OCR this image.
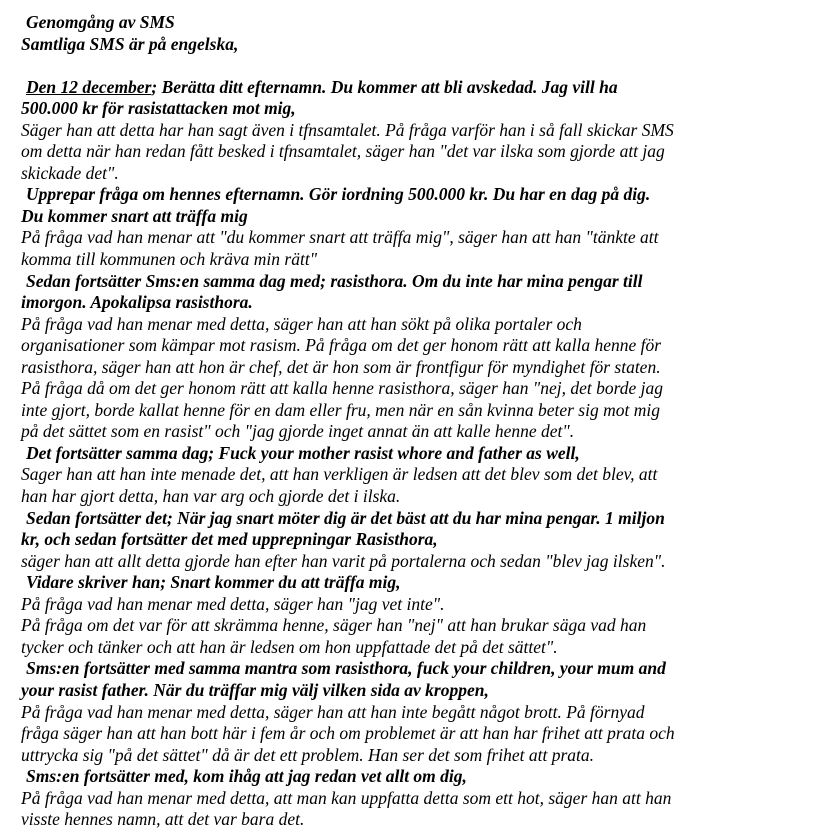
Genomgång av SMS
Samtliga SMS är på engelska,
Den 12 december; Berätta ditt efternamn. Du kommer att bli avskedad. Jag vill ha
500.000 kr för rasistattacken mot mig,
Säger han att detta har han sagt även i tfnsamtalet. På fråga varför han i så fall skickar SMS
om detta när han redan fått besked i tfnsamtalet, säger han "det var ilska som gjorde att jag
skickade det".
Upprepar fråga om hennes efternamn. Gör iordning 500.000 kr. Du har en dag på dig.
Du kommer snart att träffa mig
På fråga vad han menar att "du kommer snart att träffa mig", säger han att han "tänkte att
komma till kommunen och kräva min rätt"
Sedan fortsätter Sms:en samma dag med; rasisthora. Om du inte har mina pengar till
imorgon. Apokalipsa rasisthora.
På fråga vad han menar med detta, säger han att han sökt på olika portaler och
organisationer som kämpar mot rasism. På fråga om det ger honom rätt att kalla henne för
rasisthora, säger han att hon är chef, det är hon som är frontfigur för myndighet för staten.
På fråga då om det ger honom rätt att kalla henne rasisthora, säger han "nej, det borde jag
inte gjort, borde kallat henne för en dam eller fru, men när en sån kvinna beter sig mot mig
på det sättet som en rasist" och "jag gjorde inget annat än att kalle henne det".
Det fortsätter samma dag; Fuck your mother rasist whore and father as well,
Sager han att han inte menade det, att han verkligen är ledsen att det blev som det blev, att
han har gjort detta, han var arg och gjorde det i ilska.
Sedan fortsätter det; När jag snart möter dig är det bäst att du har mina pengar. 1 miljon
kr, och sedan fortsätter det med upprepningar Rasisthora,
säger han att allt detta gjorde han efter han varit på portalerna och sedan "blev jag ilsken".
Vidare skriver han; Snart kommer du att träffa mig,
På fråga vad han menar med detta, säger han "jag vet inte".
På fråga om det var för att skrämma henne, säger han "nej" att han brukar säga vad han
tycker och tänker och att han är ledsen om hon uppfattade det på det sättet".
Sms:en fortsätter med samma mantra som rasisthora, fuck your children, your mum and
your rasist father. När du träffar mig välj vilken sida av kroppen,
På fråga vad han menar med detta, säger han att han inte begått något brott. På förnyad
fråga säger han att han bott här i fem år och om problemet är att han har frihet att prata och
uttrycka sig "på det sättet" då är det ett problem. Han ser det som frihet att prata.
Sms:en fortsätter med, kom ihåg att jag redan vet allt om dig,
På fråga vad han menar med detta, att man kan uppfatta detta som ett hot, säger han att han
visste hennes namn, att det var bara det.
